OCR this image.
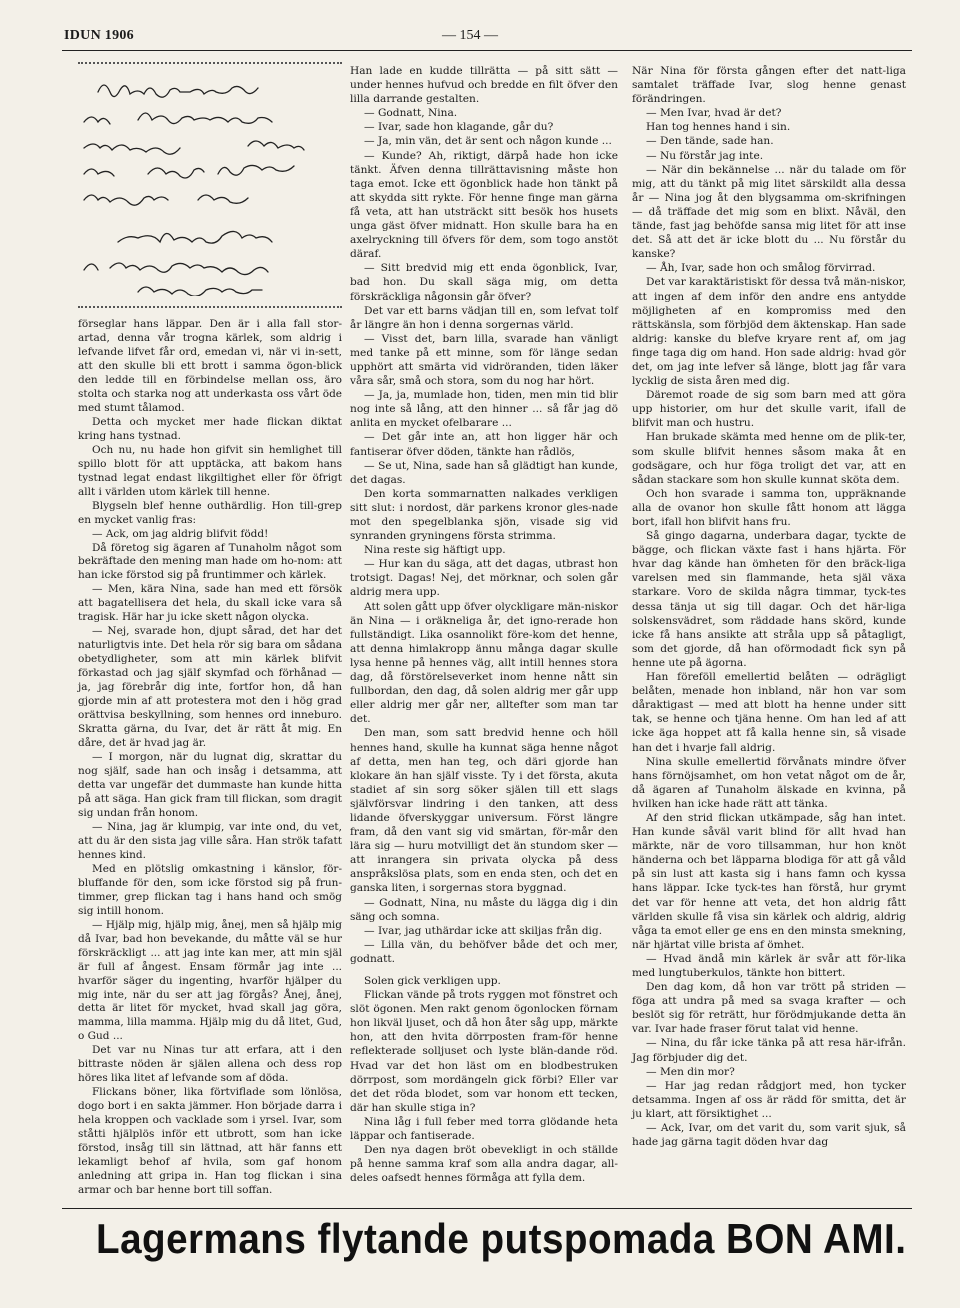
IDUN 1906	— 154 —

förseglar hans läppar. Den är i alla fall stor-artad, denna vår trogna kärlek, som aldrig i lefvande lifvet får ord, emedan vi, när vi in-sett, att den skulle bli ett brott i samma ögon-blick den ledde till en förbindelse mellan oss, äro stolta och starka nog att underkasta oss vårt öde med stumt tålamod.

Detta och mycket mer hade flickan diktat kring hans tystnad.

Och nu, nu hade hon gifvit sin hemlighet till spillo blott för att upptäcka, att bakom hans tystnad legat endast likgiltighet eller för öfrigt allt i världen utom kärlek till henne.

Blygseln blef henne outhärdlig. Hon till-grep en mycket vanlig fras:

— Ack, om jag aldrig blifvit född!

Då företog sig ägaren af Tunaholm något som bekräftade den mening man hade om ho-nom: att han icke förstod sig på fruntimmer och kärlek.

— Men, kära Nina, sade han med ett försök att bagatellisera det hela, du skall icke vara så tragisk. Här har ju icke skett någon olycka.

— Nej, svarade hon, djupt sårad, det har det naturligtvis inte. Det hela rör sig bara om sådana obetydligheter, som att min kärlek blifvit förkastad och jag själf skymfad och förhånad — ja, jag förebrår dig inte, fortfor hon, då han gjorde min af att protestera mot den i hög grad orättvisa beskyllning, som hennes ord inneburo. Skratta gärna, du Ivar, det är rätt åt mig. En dåre, det är hvad jag är.

— I morgon, när du lugnat dig, skrattar du nog själf, sade han och insåg i detsamma, att detta var ungefär det dummaste han kunde hitta på att säga. Han gick fram till flickan, som dragit sig undan från honom.

— Nina, jag är klumpig, var inte ond, du vet, att du är den sista jag ville såra. Han strök tafatt hennes kind.

Med en plötslig omkastning i känslor, för-bluffande för den, som icke förstod sig på frun-timmer, grep flickan tag i hans hand och smög sig intill honom.

— Hjälp mig, hjälp mig, ånej, men så hjälp mig då Ivar, bad hon bevekande, du måtte väl se hur förskräckligt ... att jag inte kan mer, att min själ är full af ångest. Ensam förmår jag inte ... hvarför säger du ingenting, hvarför hjälper du mig inte, när du ser att jag förgås? Ånej, ånej, detta är litet för mycket, hvad skall jag göra, mamma, lilla mamma. Hjälp mig du då litet, Gud, o Gud ...

Det var nu Ninas tur att erfara, att i den bittraste nöden är själen allena och dess rop höres lika litet af lefvande som af döda.

Flickans böner, lika förtviflade som lönlösa, dogo bort i en sakta jämmer. Hon började darra i hela kroppen och vacklade som i yrsel. Ivar, som ståtti hjälplös inför ett utbrott, som han icke förstod, insåg till sin lättnad, att här fanns ett lekamligt behof af hvila, som gaf honom anledning att gripa in. Han tog flickan i sina armar och bar henne bort till soffan.

Han lade en kudde tillrätta — på sitt sätt — under hennes hufvud och bredde en filt öfver den lilla darrande gestalten.

— Godnatt, Nina.

— Ivar, sade hon klagande, går du?

— Ja, min vän, det är sent och någon kunde ...

— Kunde? Ah, riktigt, därpå hade hon icke tänkt. Äfven denna tillrättavisning måste hon taga emot. Icke ett ögonblick hade hon tänkt på att skydda sitt rykte. För henne finge man gärna få veta, att han utsträckt sitt besök hos husets unga gäst öfver midnatt. Hon skulle bara ha en axelryckning till öfvers för dem, som togo anstöt däraf.

— Sitt bredvid mig ett enda ögonblick, Ivar, bad hon. Du skall säga mig, om detta förskräckliga någonsin går öfver?

Det var ett barns vädjan till en, som lefvat tolf år längre än hon i denna sorgernas värld.

— Visst det, barn lilla, svarade han vänligt med tanke på ett minne, som för länge sedan upphört att smärta vid vidröranden, tiden läker våra sår, små och stora, som du nog har hört.

— Ja, ja, mumlade hon, tiden, men min tid blir nog inte så lång, att den hinner ... så får jag dö anlita en mycket ofelbarare ...

— Det går inte an, att hon ligger här och fantiserar öfver döden, tänkte han rådlös,

— Se ut, Nina, sade han så glädtigt han kunde, det dagas.

Den korta sommarnatten nalkades verkligen sitt slut: i nordost, där parkens kronor gles-nade mot den spegelblanka sjön, visade sig vid synranden gryningens första strimma.

Nina reste sig häftigt upp.

— Hur kan du säga, att det dagas, utbrast hon trotsigt. Dagas! Nej, det mörknar, och solen går aldrig mera upp.

Att solen gått upp öfver olyckligare män-niskor än Nina — i oräkneliga år, det igno-rerade hon fullständigt. Lika osannolikt före-kom det henne, att denna himlakropp ännu många dagar skulle lysa henne på hennes väg, allt intill hennes stora dag, då förstörelseverket inom henne nått sin fullbordan, den dag, då solen aldrig mer går upp eller aldrig mer går ner, alltefter som man tar det.

Den man, som satt bredvid henne och höll hennes hand, skulle ha kunnat säga henne något af detta, men han teg, och däri gjorde han klokare än han själf visste. Ty i det första, akuta stadiet af sin sorg söker själen till ett slags självförsvar lindring i den tanken, att dess lidande öfverskyggar universum. Först längre fram, då den vant sig vid smärtan, för-mår den lära sig — huru motvilligt det än stundom sker — att inrangera sin privata olycka på dess anspråkslösa plats, som en enda sten, och det en ganska liten, i sorgernas stora byggnad.

— Godnatt, Nina, nu måste du lägga dig i din säng och somna.

— Ivar, jag uthärdar icke att skiljas från dig.

— Lilla vän, du behöfver både det och mer, godnatt.

Solen gick verkligen upp.

Flickan vände på trots ryggen mot fönstret och slöt ögonen. Men rakt genom ögonlocken förnam hon likväl ljuset, och då hon åter såg upp, märkte hon, att den hvita dörrposten fram-för henne reflekterade solljuset och lyste blän-dande röd. Hvad var det hon läst om en blodbestruken dörrpost, som mordängeln gick förbi? Eller var det det röda blodet, som var honom ett tecken, där han skulle stiga in?

Nina låg i full feber med torra glödande heta läppar och fantiserade.

Den nya dagen bröt obevekligt in och ställde på henne samma kraf som alla andra dagar, all-deles oafsedt hennes förmåga att fylla dem.

När Nina för första gången efter det natt-liga samtalet träffade Ivar, slog henne genast förändringen.

— Men Ivar, hvad är det?

Han tog hennes hand i sin.

— Den tände, sade han.

— Nu förstår jag inte.

— När din bekännelse ... när du talade om för mig, att du tänkt på mig litet särskildt alla dessa år — Nina jog åt den blygsamma om-skrifningen — då träffade det mig som en blixt. Nåväl, den tände, fast jag behöfde sansa mig litet för att inse det. Så att det är icke blott du ... Nu förstår du kanske?

— Åh, Ivar, sade hon och smålog förvirrad.

Det var karaktäristiskt för dessa två män-niskor, att ingen af dem inför den andre ens antydde möjligheten af en kompromiss med den rättskänsla, som förbjöd dem äktenskap. Han sade aldrig: kanske du blefve kryare rent af, om jag finge taga dig om hand. Hon sade aldrig: hvad gör det, om jag inte lefver så länge, blott jag får vara lycklig de sista åren med dig.

Däremot roade de sig som barn med att göra upp historier, om hur det skulle varit, ifall de blifvit man och hustru.

Han brukade skämta med henne om de plik-ter, som skulle blifvit hennes såsom maka åt en godsägare, och hur föga troligt det var, att en sådan stackare som hon skulle kunnat sköta dem.

Och hon svarade i samma ton, uppräknande alla de ovanor hon skulle fått honom att lägga bort, ifall hon blifvit hans fru.

Så gingo dagarna, underbara dagar, tyckte de bägge, och flickan växte fast i hans hjärta. För hvar dag kände han ömheten för den bräck-liga varelsen med sin flammande, heta själ växa starkare. Voro de skilda några timmar, tyck-tes dessa tänja ut sig till dagar. Och det här-liga solskensvädret, som räddade hans skörd, kunde icke få hans ansikte att stråla upp så påtagligt, som det gjorde, då han oförmodadt fick syn på henne ute på ägorna.

Han föreföll emellertid belåten — odrägligt belåten, menade hon inbland, när hon var som dåraktigast — med att blott ha henne under sitt tak, se henne och tjäna henne. Om han led af att icke äga hoppet att få kalla henne sin, så visade han det i hvarje fall aldrig.

Nina skulle emellertid förvånats mindre öfver hans förnöjsamhet, om hon vetat något om de år, då ägaren af Tunaholm älskade en kvinna, på hvilken han icke hade rätt att tänka.

Af den strid flickan utkämpade, såg han intet. Han kunde såväl varit blind för allt hvad han märkte, när de voro tillsamman, hur hon knöt händerna och bet läpparna blodiga för att gå våld på sin lust att kasta sig i hans famn och kyssa hans läppar. Icke tyck-tes han förstå, hur grymt det var för henne att veta, det hon aldrig fått världen skulle få visa sin kärlek och aldrig, aldrig våga ta emot eller ge ens en den minsta smekning, när hjärtat ville brista af ömhet.

— Hvad ändå min kärlek är svår att för-lika med lungtuberkulos, tänkte hon bittert.

Den dag kom, då hon var trött på striden — föga att undra på med sa svaga krafter — och beslöt sig för reträtt, hur förödmjukande detta än var. Ivar hade fraser förut talat vid henne.

— Nina, du får icke tänka på att resa här-ifrån. Jag förbjuder dig det.

— Men din mor?

— Har jag redan rådgjort med, hon tycker detsamma. Ingen af oss är rädd för smitta, det är ju klart, att försiktighet ...

— Ack, Ivar, om det varit du, som varit sjuk, så hade jag gärna tagit döden hvar dag

Lagermans flytande putspomada BON AMI.
